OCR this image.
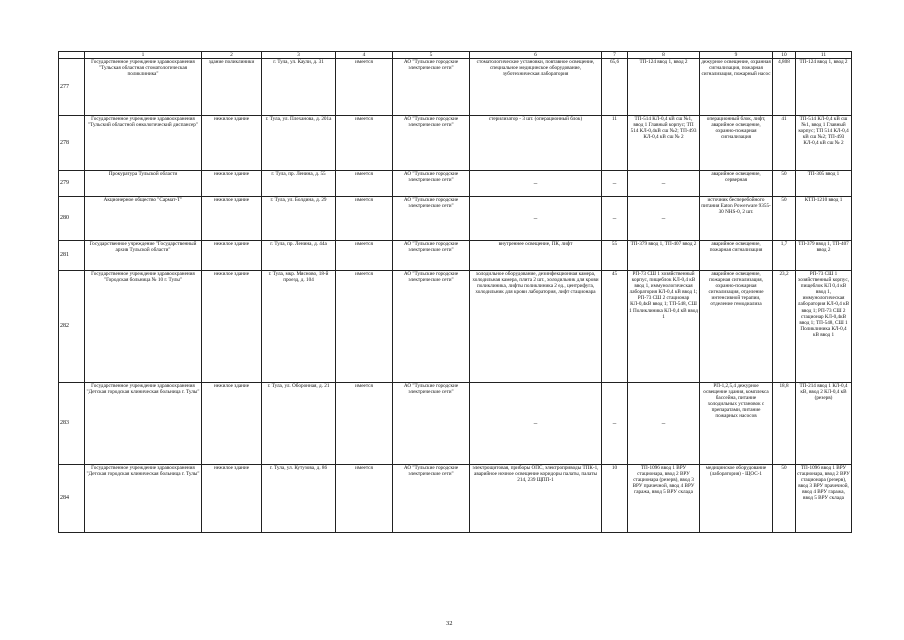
	1	2	3	4	5	6	7	8	9	10	11
277	Государственное учреждение здравоохранения "Тульская областная стоматологическая поликлиника"	здание поликлиники	г. Тула, ул. Каули, д. 31	имеется	АО "Тульские городские электрические сети"	стоматологические установки, повтавное освещение, специальное медицинское оборудование, зуботехническая лаборатория	65,6	ТП-124 ввод 1, ввод 2	дежурное освещение, охранная сигнализация, пожарная сигнализация, пожарный насос	4,808	ТП-124 ввод 1, ввод 2
278	Государственное учреждение здравоохранения "Тульский областной онкологический диспансер"	нежилое здание	г. Тула, ул. Плеханова, д. 201а	имеется	АО "Тульские городские электрические сети"	стерилизатор - 3 шт. (операционный блок)	11	ТП-514 КЛ-0,4 кВ сш №1, ввод 1 Главный корпус; ТП 514 КЛ-0,4кВ сш №2; ТП-493 КЛ-0,4 кВ сш № 2	операционный блок, лифт, аварийное освещение, охранно-пожарная сигнализация	41	ТП-514 КЛ-0,4 кВ сш №1, ввод 1 Главный корпус; ТП 514 КЛ-0,4 кВ сш №2; ТП-493 КЛ-0,4 кВ сш № 2
279	Прокуратура Тульской области	нежилое здание	г. Тула, пр. Ленина, д. 55	имеется	АО "Тульские городские электрические сети"	–	–	–	аварийное освещение, серверная	50	ТП-305 ввод 1
280	Акционерное общество "Сармат-Т"	нежилое здание	г. Тула, ул. Болдина, д. 29	имеется	АО "Тульские городские электрические сети"	–	–	–	источник бесперебойного питания Eaton Powerware 9355-30 NHS-0, 2 шт.	50	КТП-1210 ввод 1
281	Государственное учреждение "Государственный архив Тульской области"	нежилое здание	г. Тула, пр. Ленина, д. 44а	имеется	АО "Тульские городские электрические сети"	внутреннее освещение, ПК, лифт	55	ТП-379 ввод 1, ТП-407 ввод 2	аварийное освещение, пожарная сигнализация	1,7	ТП-379 ввод 1, ТП-407 ввод 2
282	Государственное учреждение здравоохранения "Городская больница № 10 г. Тулы"	нежилое здание	г. Тула, мкр. Мясново, 18-й проезд, д. 104	имеется	АО "Тульские городские электрические сети"	холодильное оборудование, дезинфекционная камера, холодильная камера, плита 2 шт., холодильник для крови поликлиника, лифты поликлиника 2 ед., центрифуга, холодильник для крови лаборатория, лифт стационара	45	РП-73 СШ 1 хозяйственный корпус, пищеблок КЛ-0,4 кВ ввод 1, иммунологическая лаборатория КЛ-0,4 кВ ввод 1; РП-73 СШ 2 стационар КЛ-0,4кВ ввод 1; ТП-548, СШ 1 Поликлиника КЛ-0,4 кВ ввод 1	аварийное освещение, пожарная сигнализация, охранно-пожарная сигнализация, отделение интенсивной терапии, отделение гемодиализа	23,2	РП-73 СШ 1 хозяйственный корпус, пищеблок КЛ 0,4 кВ ввод 1, иммунологическая лаборатория КЛ-0,4 кВ ввод 1; РП-73 СШ 2 стационар КЛ-0,4кВ ввод 1; ТП-548, СШ 1 Поликлиника КЛ-0,4 кВ ввод 1
283	Государственное учреждение здравоохранения "Детская городская клиническая больница г. Тулы"	нежилое здание	г. Тула, ул. Оборонная, д. 21	имеется	АО "Тульские городские электрические сети"	–	–	–	РП-1,2,5,4 дежурное освещение здания, комплекса бассейна, питание холодильных установок с препаратами, питание пожарных насосов	18,8	ТП-214 ввод 1 КЛ-0,4 кВ, ввод 2 КЛ-0,4 кВ (резерв)
284	Государственное учреждение здравоохранения "Детская городская клиническая больница г. Тулы"	нежилое здание	г. Тула, ул. Кутузова, д. 86	имеется	АО "Тульские городские электрические сети"	электрощитовая, приборы ОПС, электроприводы ТПК-1, аварийное ночное освещение коридоры палаты, палаты 214, 239 ЩПП-1	10	ТП-1096 ввод 1 ВРУ стационара, ввод 2 ВРУ стационара (резерв), ввод 3 ВРУ прачечной, ввод 4 ВРУ гаража, ввод 5 ВРУ склада	медицинское оборудование (лаборатория) - ЩОС-1	50	ТП-1096 ввод 1 ВРУ стационара, ввод 2 ВРУ стационара (резерв), ввод 3 ВРУ прачечной, ввод 4 ВРУ гаража, ввод 5 ВРУ склада
32
